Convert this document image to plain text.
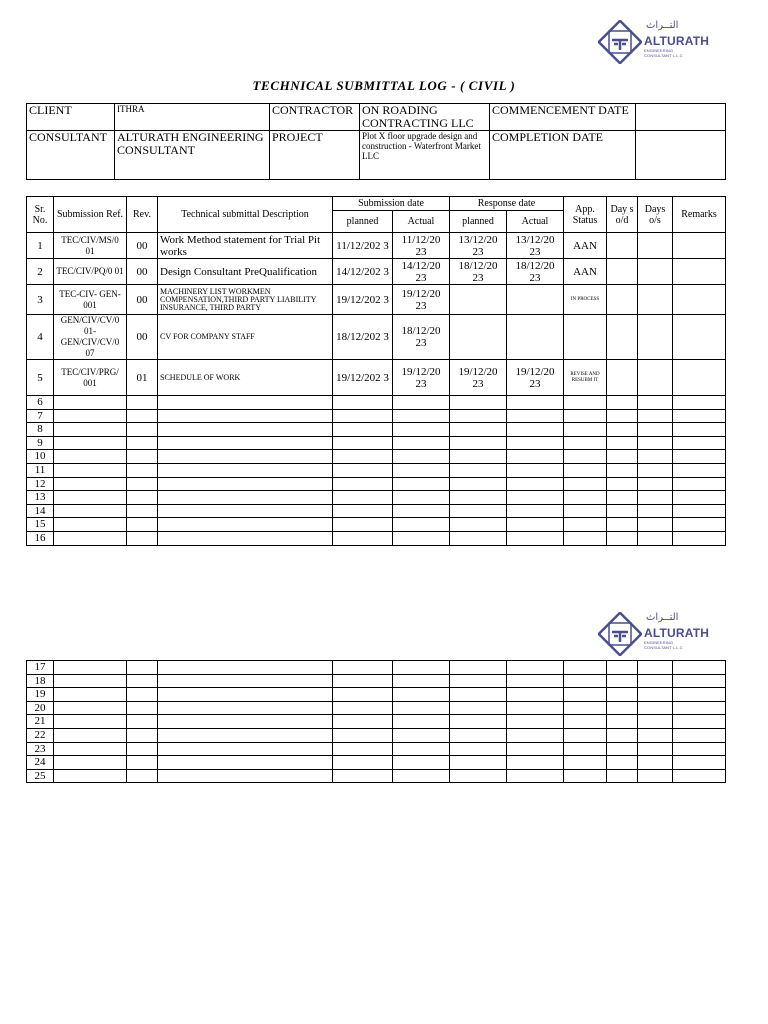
التــراث
ALTURATH
ENGINEERING CONSULTANT L.L.C
TECHNICAL SUBMITTAL LOG - ( CIVIL )
CLIENT	ITHRA	CONTRACTOR	ON ROADING CONTRACTING LLC	COMMENCEMENT DATE	
CONSULTANT	ALTURATH ENGINEERING CONSULTANT	PROJECT	Plot X floor upgrade design and construction - Waterfront Market LLC	COMPLETION DATE	
Sr. No.	Submission Ref.	Rev.	Technical submittal Description	Submission date		Response date		App. Status	Day s o/d	Days o/s	Remarks
				planned	Actual	planned	Actual				
1	TEC/CIV/MS/0 01	00	Work Method statement for Trial Pit works	11/12/202 3	11/12/20 23	13/12/20 23	13/12/20 23	AAN			
2	TEC/CIV/PQ/0 01	00	Design Consultant PreQualification	14/12/202 3	14/12/20 23	18/12/20 23	18/12/20 23	AAN			
3	TEC-CIV- GEN-001	00	MACHINERY LIST WORKMEN COMPENSATION,THIRD PARTY LIABILITY INSURANCE, THIRD PARTY	19/12/202 3	19/12/20 23			IN PROCESS			
4	GEN/CIV/CV/0 01- GEN/CIV/CV/0 07	00	CV FOR COMPANY STAFF	18/12/202 3	18/12/20 23						
5	TEC/CIV/PRG/ 001	01	SCHEDULE OF WORK	19/12/202 3	19/12/20 23	19/12/20 23	19/12/20 23	REVISE AND RESUBM IT			
6											
7											
8											
9											
10											
11											
12											
13											
14											
15											
16											
التــراث
ALTURATH
ENGINEERING CONSULTANT L.L.C
17											
18											
19											
20											
21											
22											
23											
24											
25											
